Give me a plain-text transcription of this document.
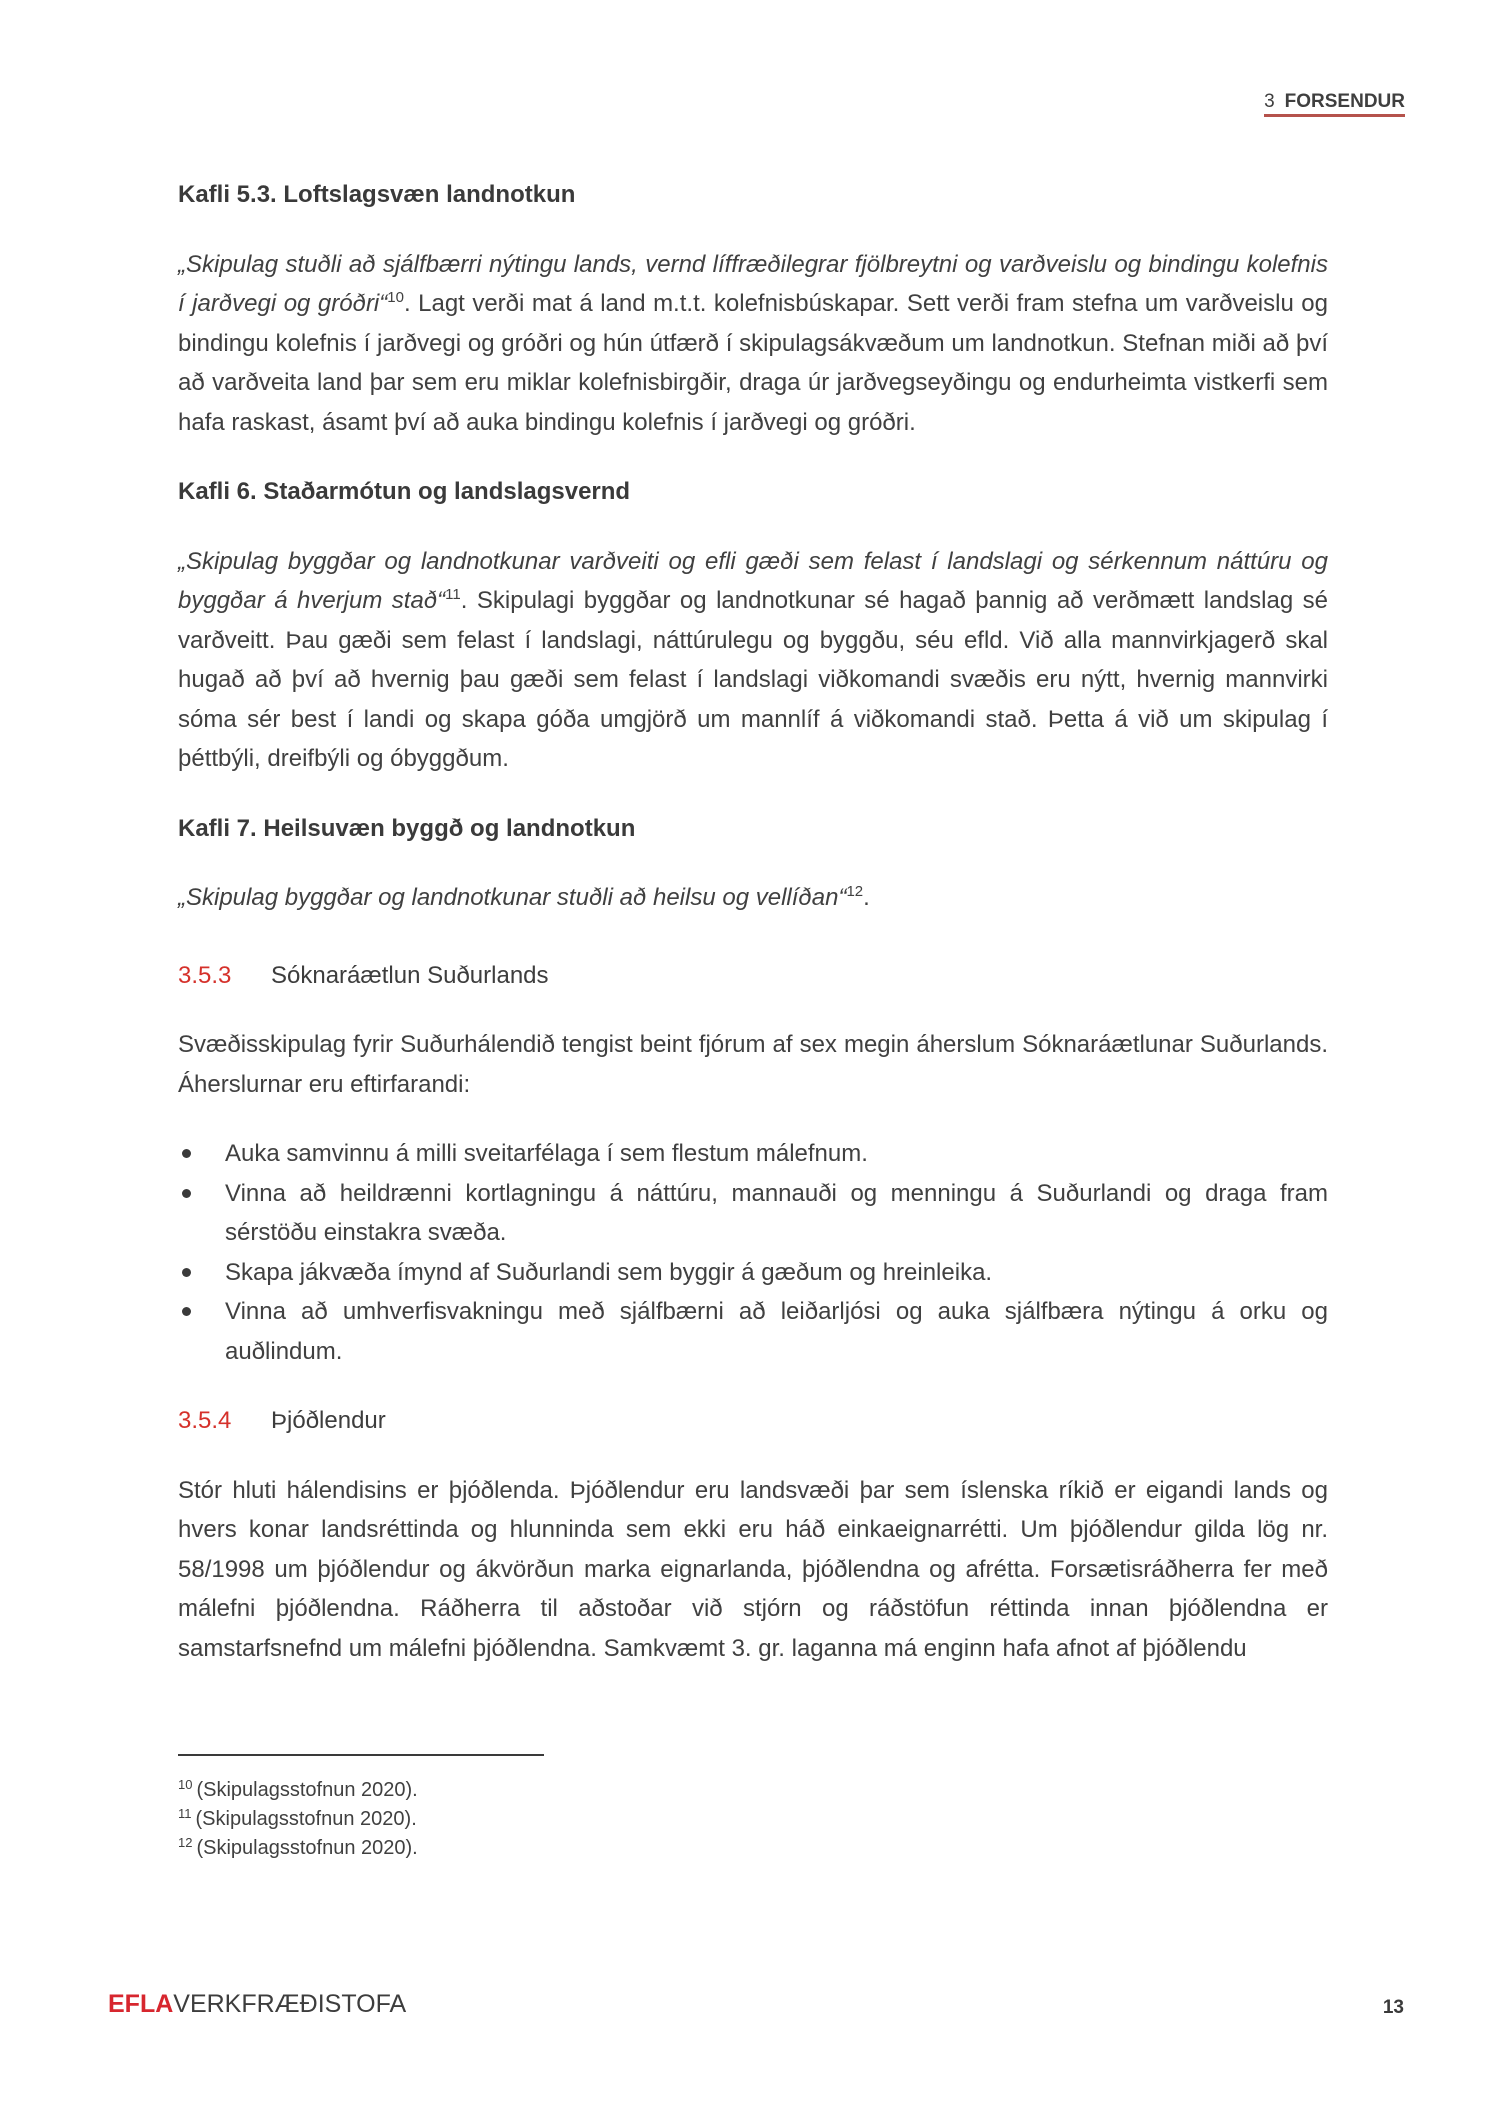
3 FORSENDUR

Kafli 5.3. Loftslagsvæn landnotkun

„Skipulag stuðli að sjálfbærri nýtingu lands, vernd líffræðilegrar fjölbreytni og varðveislu og bindingu kolefnis í jarðvegi og gróðri“$^{10}$. Lagt verði mat á land m.t.t. kolefnisbúskapar. Sett verði fram stefna um varðveislu og bindingu kolefnis í jarðvegi og gróðri og hún útfærð í skipulagsákvæðum um landnotkun. Stefnan miði að því að varðveita land þar sem eru miklar kolefnisbirgðir, draga úr jarðvegseyðingu og endurheimta vistkerfi sem hafa raskast, ásamt því að auka bindingu kolefnis í jarðvegi og gróðri.

Kafli 6. Staðarmótun og landslagsvernd

„Skipulag byggðar og landnotkunar varðveiti og efli gæði sem felast í landslagi og sérkennum náttúru og byggðar á hverjum stað“$^{11}$. Skipulagi byggðar og landnotkunar sé hagað þannig að verðmætt landslag sé varðveitt. Þau gæði sem felast í landslagi, náttúrulegu og byggðu, séu efld. Við alla mannvirkjagerð skal hugað að því að hvernig þau gæði sem felast í landslagi viðkomandi svæðis eru nýtt, hvernig mannvirki sóma sér best í landi og skapa góða umgjörð um mannlíf á viðkomandi stað. Þetta á við um skipulag í þéttbýli, dreifbýli og óbyggðum.

Kafli 7. Heilsuvæn byggð og landnotkun

„Skipulag byggðar og landnotkunar stuðli að heilsu og vellíðan“$^{12}$.

3.5.3 Sóknaráætlun Suðurlands

Svæðisskipulag fyrir Suðurhálendið tengist beint fjórum af sex megin áherslum Sóknaráætlunar Suðurlands. Áherslurnar eru eftirfarandi:

Auka samvinnu á milli sveitarfélaga í sem flestum málefnum.
Vinna að heildrænni kortlagningu á náttúru, mannauði og menningu á Suðurlandi og draga fram sérstöðu einstakra svæða.
Skapa jákvæða ímynd af Suðurlandi sem byggir á gæðum og hreinleika.
Vinna að umhverfisvakningu með sjálfbærni að leiðarljósi og auka sjálfbæra nýtingu á orku og auðlindum.

3.5.4 Þjóðlendur

Stór hluti hálendisins er þjóðlenda. Þjóðlendur eru landsvæði þar sem íslenska ríkið er eigandi lands og hvers konar landsréttinda og hlunninda sem ekki eru háð einkaeignarrétti. Um þjóðlendur gilda lög nr. 58/1998 um þjóðlendur og ákvörðun marka eignarlanda, þjóðlendna og afrétta. Forsætisráðherra fer með málefni þjóðlendna. Ráðherra til aðstoðar við stjórn og ráðstöfun réttinda innan þjóðlendna er samstarfsnefnd um málefni þjóðlendna. Samkvæmt 3. gr. laganna má enginn hafa afnot af þjóðlendu

$^{10}$ (Skipulagsstofnun 2020).
$^{11}$ (Skipulagsstofnun 2020).
$^{12}$ (Skipulagsstofnun 2020).
EFLAVERKFRÆÐISTOFA	13
